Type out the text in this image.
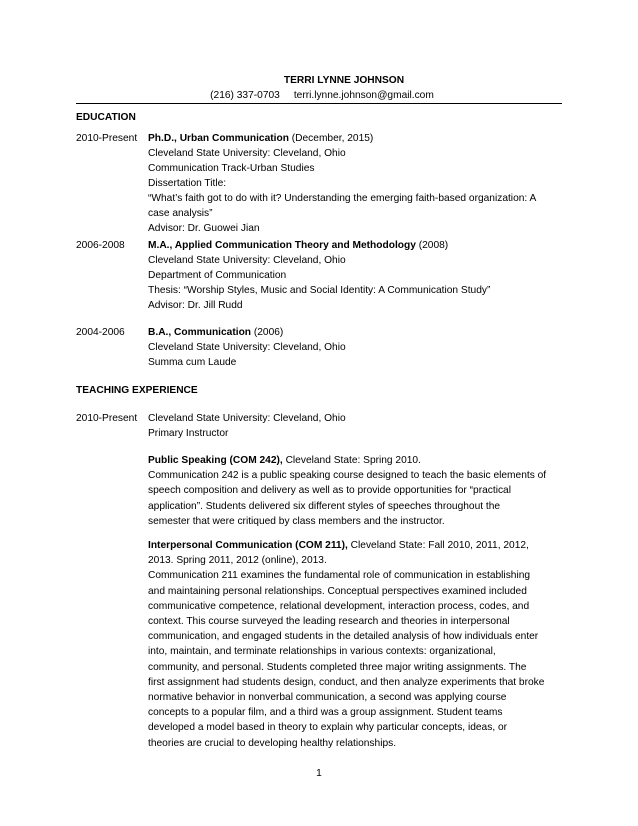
TERRI LYNNE JOHNSON
(216) 337-0703 terri.lynne.johnson@gmail.com
EDUCATION
2010-Present	Ph.D., Urban Communication (December, 2015)
Cleveland State University: Cleveland, Ohio
Communication Track-Urban Studies
Dissertation Title:
“What’s faith got to do with it? Understanding the emerging faith-based organization: A
case analysis”
Advisor: Dr. Guowei Jian
2006-2008	M.A., Applied Communication Theory and Methodology (2008)
Cleveland State University: Cleveland, Ohio
Department of Communication
Thesis: “Worship Styles, Music and Social Identity: A Communication Study”
Advisor: Dr. Jill Rudd
2004-2006	B.A., Communication (2006)
Cleveland State University: Cleveland, Ohio
Summa cum Laude
TEACHING EXPERIENCE
2010-Present	Cleveland State University: Cleveland, Ohio
Primary Instructor
Public Speaking (COM 242), Cleveland State: Spring 2010.
Communication 242 is a public speaking course designed to teach the basic elements of
speech composition and delivery as well as to provide opportunities for “practical
application”. Students delivered six different styles of speeches throughout the
semester that were critiqued by class members and the instructor.
Interpersonal Communication (COM 211), Cleveland State: Fall 2010, 2011, 2012,
2013. Spring 2011, 2012 (online), 2013.
Communication 211 examines the fundamental role of communication in establishing
and maintaining personal relationships. Conceptual perspectives examined included
communicative competence, relational development, interaction process, codes, and
context. This course surveyed the leading research and theories in interpersonal
communication, and engaged students in the detailed analysis of how individuals enter
into, maintain, and terminate relationships in various contexts: organizational,
community, and personal. Students completed three major writing assignments. The
first assignment had students design, conduct, and then analyze experiments that broke
normative behavior in nonverbal communication, a second was applying course
concepts to a popular film, and a third was a group assignment. Student teams
developed a model based in theory to explain why particular concepts, ideas, or
theories are crucial to developing healthy relationships.
1
